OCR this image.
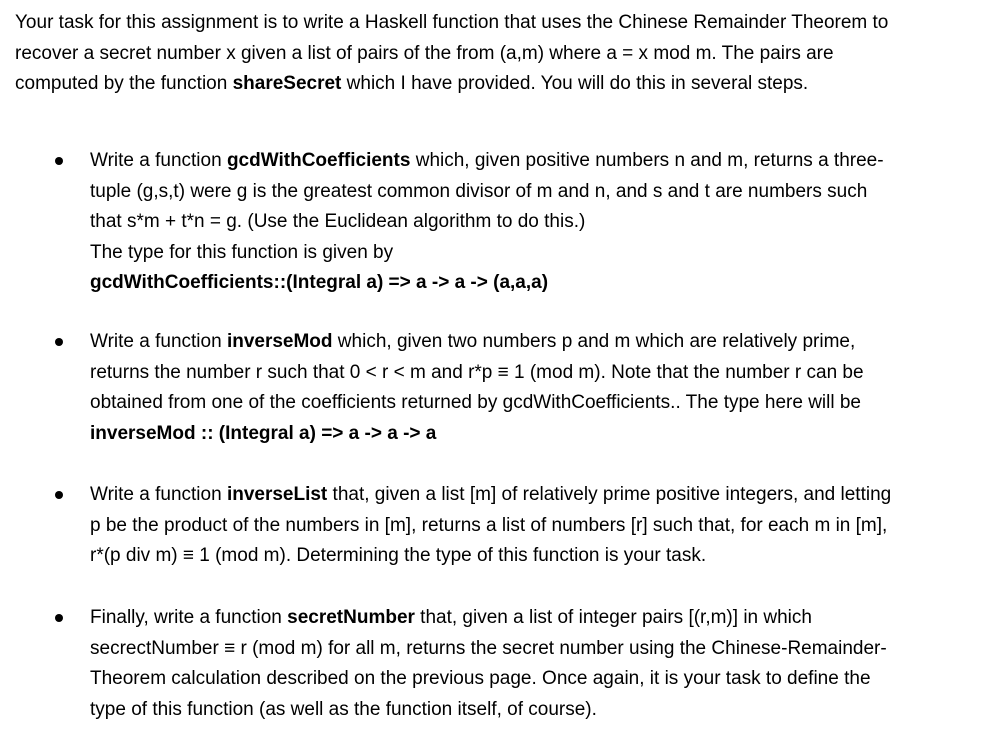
Your task for this assignment is to write a Haskell function that uses the Chinese Remainder Theorem to
recover a secret number x given a list of pairs of the from (a,m) where a = x mod m. The pairs are
computed by the function shareSecret which I have provided. You will do this in several steps.

Write a function gcdWithCoefficients which, given positive numbers n and m, returns a three-
tuple (g,s,t) were g is the greatest common divisor of m and n, and s and t are numbers such
that s*m + t*n = g. (Use the Euclidean algorithm to do this.)
The type for this function is given by
gcdWithCoefficients::(Integral a) => a -> a -> (a,a,a)

Write a function inverseMod which, given two numbers p and m which are relatively prime,
returns the number r such that 0 < r < m and r*p ≡ 1 (mod m). Note that the number r can be
obtained from one of the coefficients returned by gcdWithCoefficients.. The type here will be
inverseMod :: (Integral a) => a -> a -> a

Write a function inverseList that, given a list [m] of relatively prime positive integers, and letting
p be the product of the numbers in [m], returns a list of numbers [r] such that, for each m in [m],
r*(p div m) ≡ 1 (mod m). Determining the type of this function is your task.

Finally, write a function secretNumber that, given a list of integer pairs [(r,m)] in which
secrectNumber ≡ r (mod m) for all m, returns the secret number using the Chinese-Remainder-
Theorem calculation described on the previous page. Once again, it is your task to define the
type of this function (as well as the function itself, of course).
